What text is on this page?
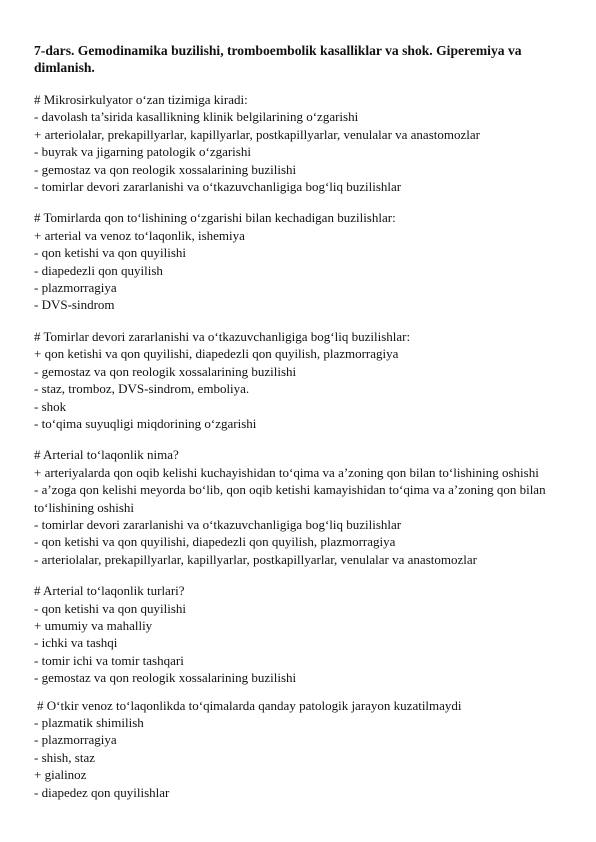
7-dars. Gemodinamika buzilishi, tromboembolik kasalliklar va shok. Giperemiya va dimlanish.
# Mikrosirkulyator o‘zan tizimiga kiradi:
- davolash ta’sirida kasallikning klinik belgilarining o‘zgarishi
+ arteriolalar, prekapillyarlar, kapillyarlar, postkapillyarlar, venulalar va anastomozlar
- buyrak va jigarning patologik o‘zgarishi
- gemostaz va qon reologik xossalarining buzilishi
- tomirlar devori zararlanishi va o‘tkazuvchanligiga bog‘liq buzilishlar
# Tomirlarda qon to‘lishining o‘zgarishi bilan kechadigan buzilishlar:
+ arterial va venoz to‘laqonlik, ishemiya
- qon ketishi va qon quyilishi
- diapedezli qon quyilish
- plazmorragiya
- DVS-sindrom
# Tomirlar devori zararlanishi va o‘tkazuvchanligiga bog‘liq buzilishlar:
+ qon ketishi va qon quyilishi, diapedezli qon quyilish, plazmorragiya
- gemostaz va qon reologik xossalarining buzilishi
- staz, tromboz, DVS-sindrom, emboliya.
- shok
- to‘qima suyuqligi miqdorining o‘zgarishi
# Arterial to‘laqonlik nima?
+ arteriyalarda qon oqib kelishi kuchayishidan to‘qima va a’zoning qon bilan to‘lishining oshishi
- a’zoga qon kelishi meyorda bo‘lib, qon oqib ketishi kamayishidan to‘qima va a’zoning qon bilan to‘lishining oshishi
- tomirlar devori zararlanishi va o‘tkazuvchanligiga bog‘liq buzilishlar
- qon ketishi va qon quyilishi, diapedezli qon quyilish, plazmorragiya
- arteriolalar, prekapillyarlar, kapillyarlar, postkapillyarlar, venulalar va anastomozlar
# Arterial to‘laqonlik turlari?
- qon ketishi va qon quyilishi
+ umumiy va mahalliy
- ichki va tashqi
- tomir ichi va tomir tashqari
- gemostaz va qon reologik xossalarining buzilishi
# O‘tkir venoz to‘laqonlikda to‘qimalarda qanday patologik jarayon kuzatilmaydi
- plazmatik shimilish
- plazmorragiya
- shish, staz
+ gialinoz
- diapedez qon quyilishlar
